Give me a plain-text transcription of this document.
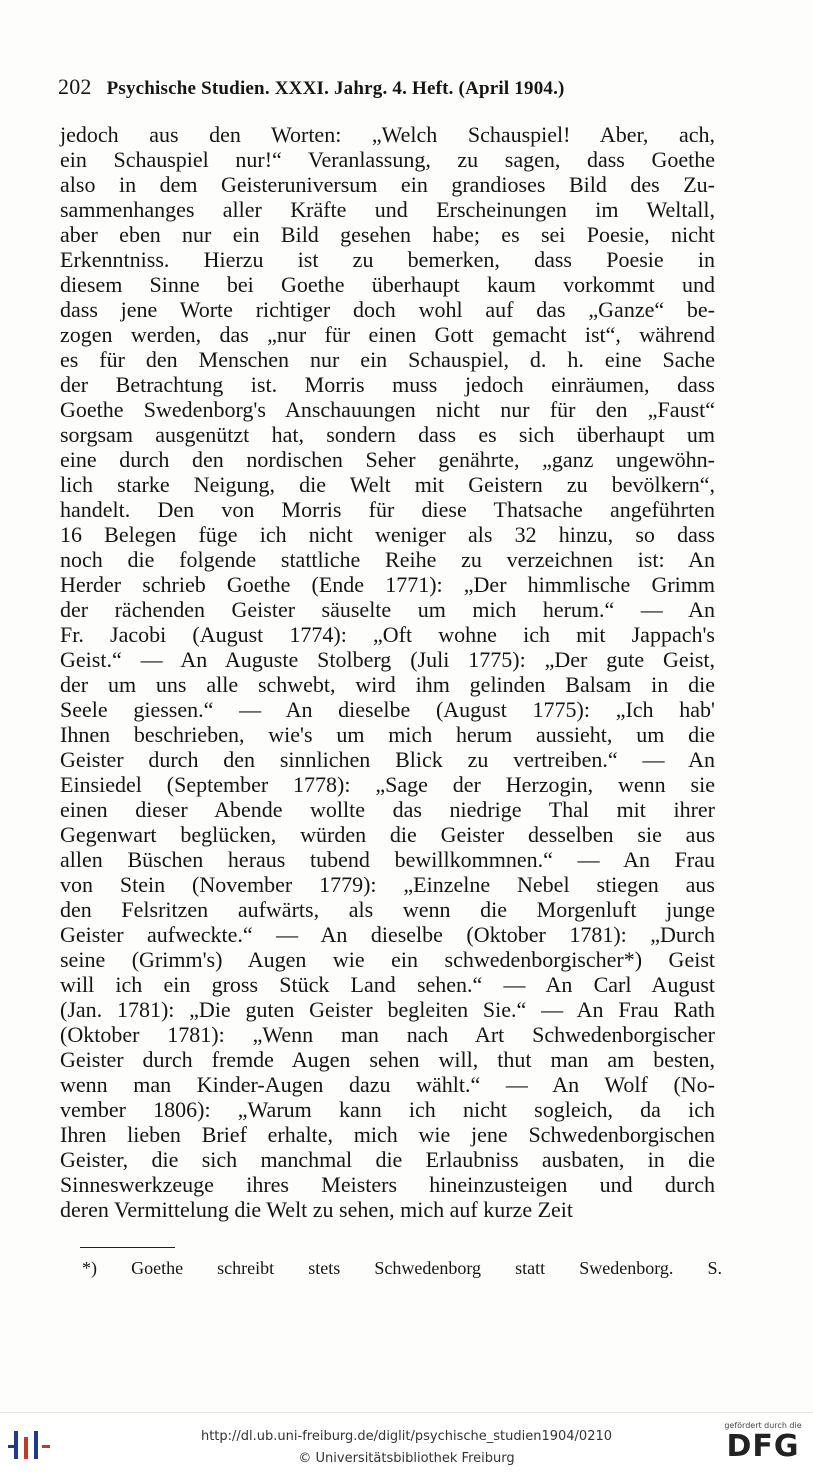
202 Psychische Studien. XXXI. Jahrg. 4. Heft. (April 1904.)
jedoch aus den Worten: „Welch Schauspiel! Aber, ach,
ein Schauspiel nur!“ Veranlassung, zu sagen, dass Goethe
also in dem Geisteruniversum ein grandioses Bild des Zu-
sammenhanges aller Kräfte und Erscheinungen im Weltall,
aber eben nur ein Bild gesehen habe; es sei Poesie, nicht
Erkenntniss. Hierzu ist zu bemerken, dass Poesie in
diesem Sinne bei Goethe überhaupt kaum vorkommt und
dass jene Worte richtiger doch wohl auf das „Ganze“ be-
zogen werden, das „nur für einen Gott gemacht ist“, während
es für den Menschen nur ein Schauspiel, d. h. eine Sache
der Betrachtung ist. Morris muss jedoch einräumen, dass
Goethe Swedenborg's Anschauungen nicht nur für den „Faust“
sorgsam ausgenützt hat, sondern dass es sich überhaupt um
eine durch den nordischen Seher genährte, „ganz ungewöhn-
lich starke Neigung, die Welt mit Geistern zu bevölkern“,
handelt. Den von Morris für diese Thatsache angeführten
16 Belegen füge ich nicht weniger als 32 hinzu, so dass
noch die folgende stattliche Reihe zu verzeichnen ist: An
Herder schrieb Goethe (Ende 1771): „Der himmlische Grimm
der rächenden Geister säuselte um mich herum.“ — An
Fr. Jacobi (August 1774): „Oft wohne ich mit Jappach's
Geist.“ — An Auguste Stolberg (Juli 1775): „Der gute Geist,
der um uns alle schwebt, wird ihm gelinden Balsam in die
Seele giessen.“ — An dieselbe (August 1775): „Ich hab'
Ihnen beschrieben, wie's um mich herum aussieht, um die
Geister durch den sinnlichen Blick zu vertreiben.“ — An
Einsiedel (September 1778): „Sage der Herzogin, wenn sie
einen dieser Abende wollte das niedrige Thal mit ihrer
Gegenwart beglücken, würden die Geister desselben sie aus
allen Büschen heraus tubend bewillkommnen.“ — An Frau
von Stein (November 1779): „Einzelne Nebel stiegen aus
den Felsritzen aufwärts, als wenn die Morgenluft junge
Geister aufweckte.“ — An dieselbe (Oktober 1781): „Durch
seine (Grimm's) Augen wie ein schwedenborgischer*) Geist
will ich ein gross Stück Land sehen.“ — An Carl August
(Jan. 1781): „Die guten Geister begleiten Sie.“ — An Frau Rath
(Oktober 1781): „Wenn man nach Art Schwedenborgischer
Geister durch fremde Augen sehen will, thut man am besten,
wenn man Kinder-Augen dazu wählt.“ — An Wolf (No-
vember 1806): „Warum kann ich nicht sogleich, da ich
Ihren lieben Brief erhalte, mich wie jene Schwedenborgischen
Geister, die sich manchmal die Erlaubniss ausbaten, in die
Sinneswerkzeuge ihres Meisters hineinzusteigen und durch
deren Vermittelung die Welt zu sehen, mich auf kurze Zeit
*) Goethe schreibt stets Schwedenborg statt Swedenborg. S.
http://dl.ub.uni-freiburg.de/diglit/psychische_studien1904/0210
© Universitätsbibliothek Freiburg
gefördert durch die
DFG
